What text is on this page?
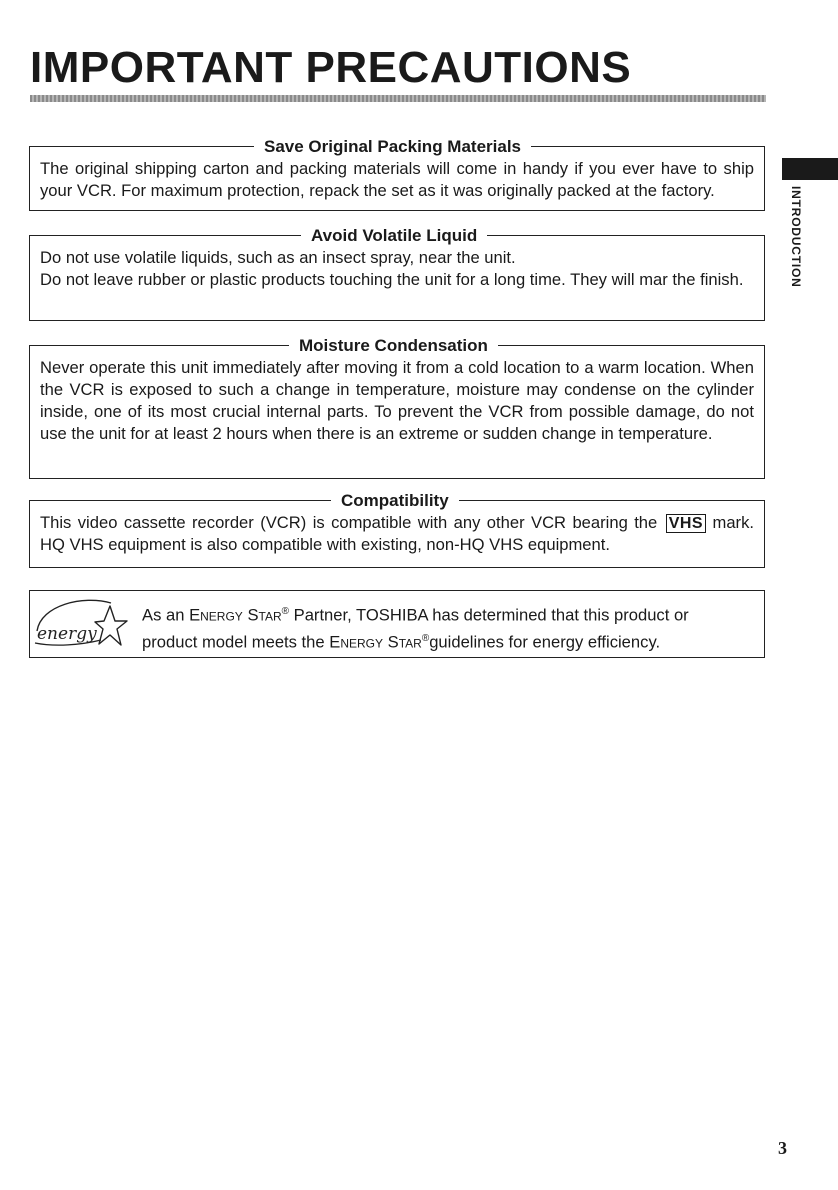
IMPORTANT PRECAUTIONS
INTRODUCTION
Save Original Packing Materials

The original shipping carton and packing materials will come in handy if you ever have to ship your VCR. For maximum protection, repack the set as it was originally packed at the factory.

Avoid Volatile Liquid

Do not use volatile liquids, such as an insect spray, near the unit.

Do not leave rubber or plastic products touching the unit for a long time. They will mar the finish.

Moisture Condensation

Never operate this unit immediately after moving it from a cold location to a warm location. When the VCR is exposed to such a change in temperature, moisture may condense on the cylinder inside, one of its most crucial internal parts. To prevent the VCR from possible damage, do not use the unit for at least 2 hours when there is an extreme or sudden change in temperature.

Compatibility

This video cassette recorder (VCR) is compatible with any other VCR bearing the VHS mark. HQ VHS equipment is also compatible with existing, non-HQ VHS equipment.

energy
As an Energy Star® Partner, TOSHIBA has determined that this product or
product model meets the Energy Star®guidelines for energy efficiency.
3
